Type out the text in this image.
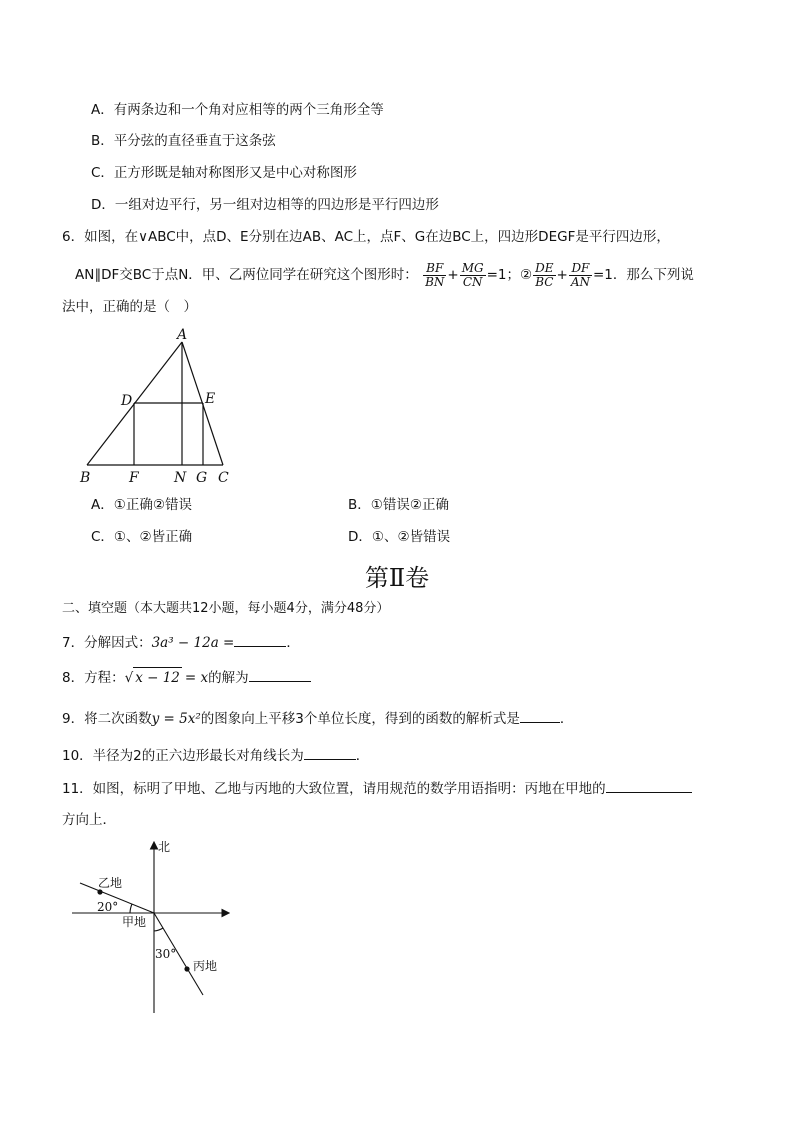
A．有两条边和一个角对应相等的两个三角形全等
B．平分弦的直径垂直于这条弦
C．正方形既是轴对称图形又是中心对称图形
D．一组对边平行，另一组对边相等的四边形是平行四边形
6．如图，在∨ABC中，点D、E分别在边AB、AC上，点F、G在边BC上，四边形DEGF是平行四边形，
AN∥DF交BC于点N．甲、乙两位同学在研究这个图形时： $\frac{BF}{BN} + \frac{MG}{CN} =1$；② $\frac{DE}{BC} + \frac{DF}{AN} =1$．那么下列说
法中，正确的是（　）
A
D	E
B	F	N G C
A．①正确②错误	B．①错误②正确
C．①、②皆正确	D．①、②皆错误
第Ⅱ卷
二、填空题（本大题共12小题，每小题4分，满分48分）
7．分解因式：3a³ − 12a =	．
8．方程：√ x − 12 = x的解为
9．将二次函数y = 5x²的图象向上平移3个单位长度，得到的函数的解析式是	．
10．半径为2的正六边形最长对角线长为	．
11．如图，标明了甲地、乙地与丙地的大致位置，请用规范的数学用语指明：丙地在甲地的
方向上．
北
乙地
甲地
丙地
20°
30°
